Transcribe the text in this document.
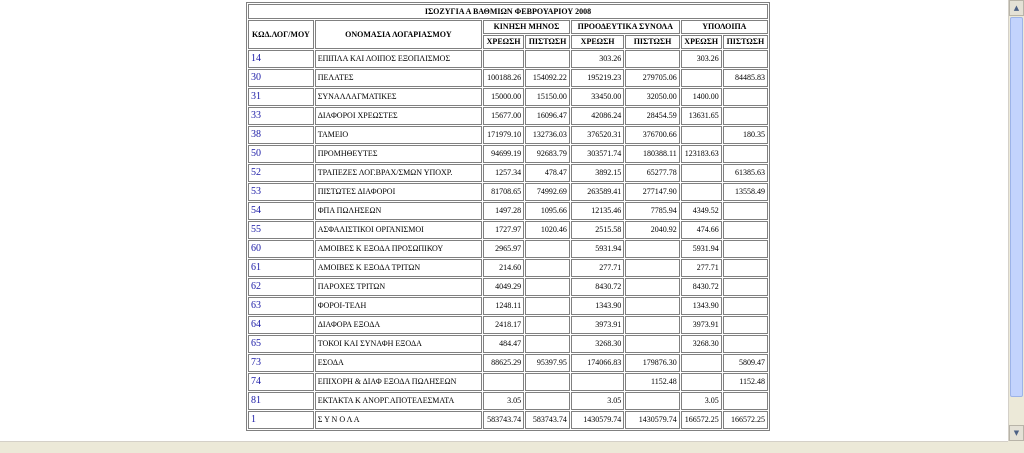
ΙΣΟΖΥΓΙΑ Α ΒΑΘΜΙΩΝ ΦΕΒΡΟΥΑΡΙΟΥ 2008							
ΚΩΔ.ΛΟΓ/ΜΟΥ	ΟΝΟΜΑΣΙΑ ΛΟΓΑΡΙΑΣΜΟΥ	ΚΙΝΗΣΗ ΜΗΝΟΣ		ΠΡΟΟΔΕΥΤΙΚΑ ΣΥΝΟΛΑ		ΥΠΟΛΟΙΠΑ	
		ΧΡΕΩΣΗ	ΠΙΣΤΩΣΗ	ΧΡΕΩΣΗ	ΠΙΣΤΩΣΗ	ΧΡΕΩΣΗ	ΠΙΣΤΩΣΗ
14	ΕΠΙΠΛΑ ΚΑΙ ΛΟΙΠΟΣ ΕΞΟΠΛΙΣΜΟΣ			303.26		303.26	
30	ΠΕΛΑΤΕΣ	100188.26	154092.22	195219.23	279705.06		84485.83
31	ΣΥΝΑΛΛΑΓΜΑΤΙΚΕΣ	15000.00	15150.00	33450.00	32050.00	1400.00	
33	ΔΙΑΦΟΡΟΙ ΧΡΕΩΣΤΕΣ	15677.00	16096.47	42086.24	28454.59	13631.65	
38	ΤΑΜΕΙΟ	171979.10	132736.03	376520.31	376700.66		180.35
50	ΠΡΟΜΗΘΕΥΤΕΣ	94699.19	92683.79	303571.74	180388.11	123183.63	
52	ΤΡΑΠΕΖΕΣ ΛΟΓ.ΒΡΑΧ/ΣΜΩΝ ΥΠΟΧΡ.	1257.34	478.47	3892.15	65277.78		61385.63
53	ΠΙΣΤΩΤΕΣ ΔΙΑΦΟΡΟΙ	81708.65	74992.69	263589.41	277147.90		13558.49
54	ΦΠΑ ΠΩΛΗΣΕΩΝ	1497.28	1095.66	12135.46	7785.94	4349.52	
55	ΑΣΦΑΛΙΣΤΙΚΟΙ ΟΡΓΑΝΙΣΜΟΙ	1727.97	1020.46	2515.58	2040.92	474.66	
60	ΑΜΟΙΒΕΣ Κ ΕΞΟΔΑ ΠΡΟΣΩΠΙΚΟΥ	2965.97		5931.94		5931.94	
61	ΑΜΟΙΒΕΣ Κ ΕΞΟΔΑ ΤΡΙΤΩΝ	214.60		277.71		277.71	
62	ΠΑΡΟΧΕΣ ΤΡΙΤΩΝ	4049.29		8430.72		8430.72	
63	ΦΟΡΟΙ-ΤΕΛΗ	1248.11		1343.90		1343.90	
64	ΔΙΑΦΟΡΑ ΕΞΟΔΑ	2418.17		3973.91		3973.91	
65	ΤΟΚΟΙ ΚΑΙ ΣΥΝΑΦΗ ΕΞΟΔΑ	484.47		3268.30		3268.30	
73	ΕΣΟΔΑ	88625.29	95397.95	174066.83	179876.30		5809.47
74	ΕΠΙΧΟΡΗ & ΔΙΑΦ ΕΞΟΔΑ ΠΩΛΗΣΕΩΝ				1152.48		1152.48
81	ΕΚΤΑΚΤΑ Κ ΑΝΟΡΓ.ΑΠΟΤΕΛΕΣΜΑΤΑ	3.05		3.05		3.05	
1	Σ Υ Ν Ο Λ Α	583743.74	583743.74	1430579.74	1430579.74	166572.25	166572.25
▲
▼
